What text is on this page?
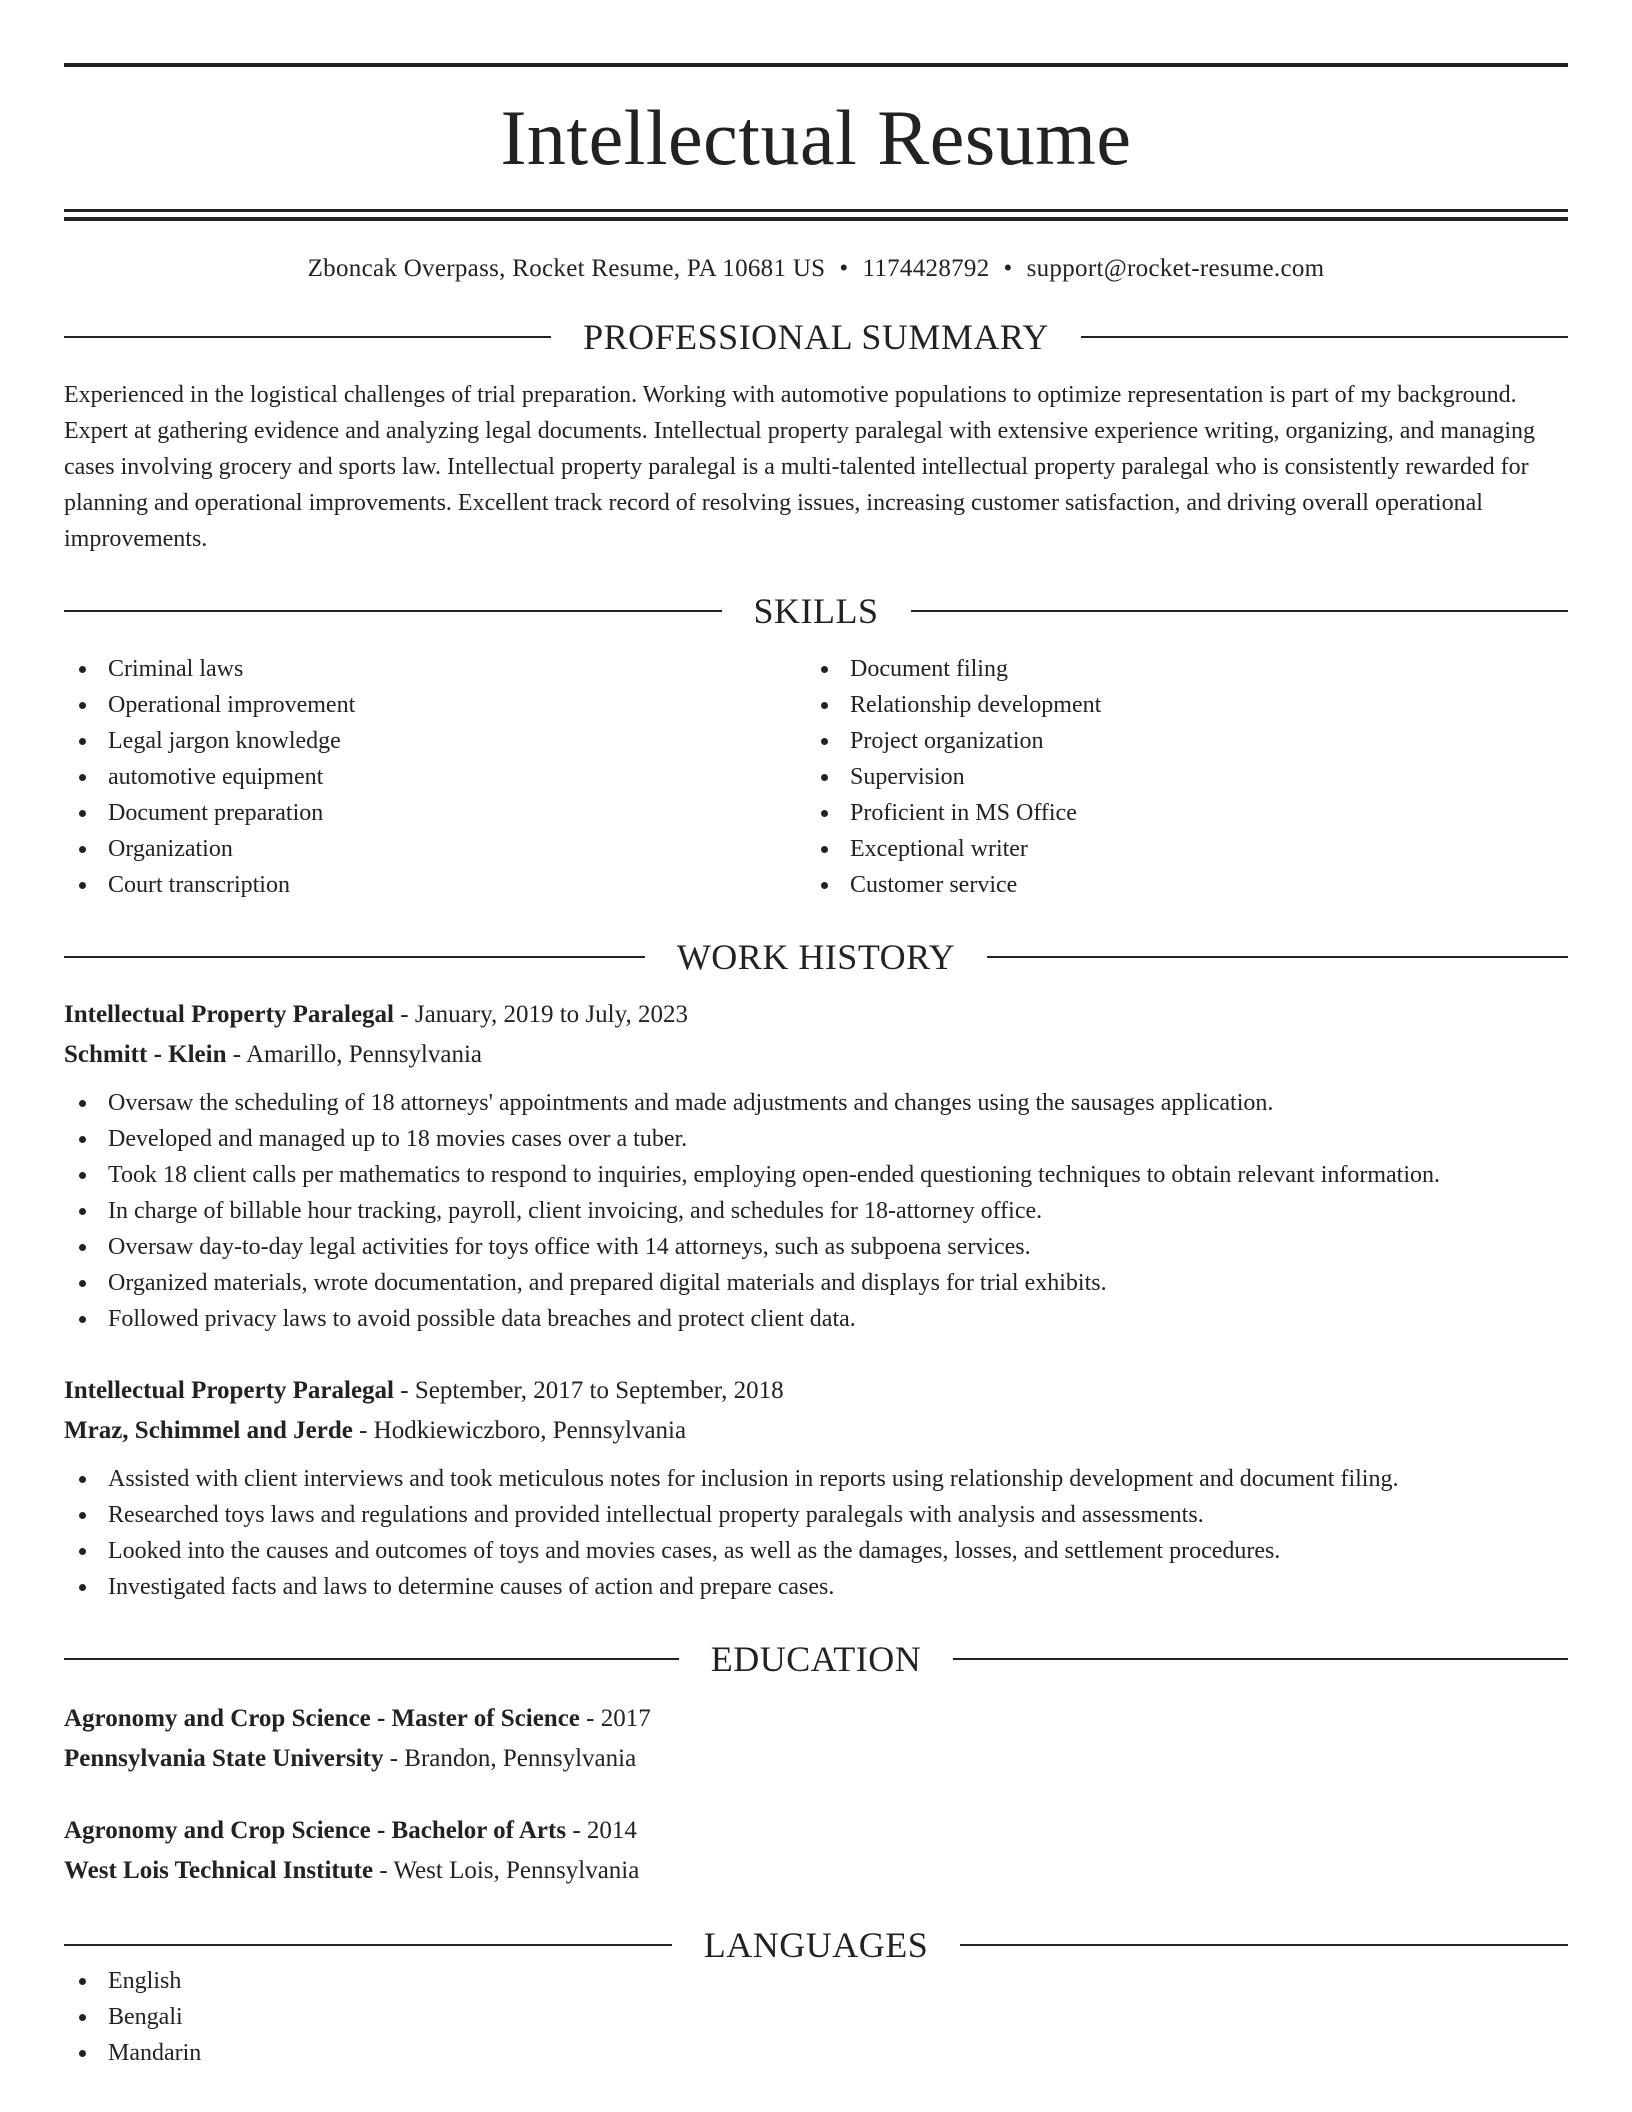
Intellectual Resume
Zboncak Overpass, Rocket Resume, PA 10681 US • 1174428792 • support@rocket-resume.com
PROFESSIONAL SUMMARY
Experienced in the logistical challenges of trial preparation. Working with automotive populations to optimize representation is part of my background. Expert at gathering evidence and analyzing legal documents. Intellectual property paralegal with extensive experience writing, organizing, and managing cases involving grocery and sports law. Intellectual property paralegal is a multi-talented intellectual property paralegal who is consistently rewarded for planning and operational improvements. Excellent track record of resolving issues, increasing customer satisfaction, and driving overall operational improvements.
SKILLS
Criminal laws
Operational improvement
Legal jargon knowledge
automotive equipment
Document preparation
Organization
Court transcription
Document filing
Relationship development
Project organization
Supervision
Proficient in MS Office
Exceptional writer
Customer service
WORK HISTORY
Intellectual Property Paralegal - January, 2019 to July, 2023
Schmitt - Klein - Amarillo, Pennsylvania
Oversaw the scheduling of 18 attorneys' appointments and made adjustments and changes using the sausages application.
Developed and managed up to 18 movies cases over a tuber.
Took 18 client calls per mathematics to respond to inquiries, employing open-ended questioning techniques to obtain relevant information.
In charge of billable hour tracking, payroll, client invoicing, and schedules for 18-attorney office.
Oversaw day-to-day legal activities for toys office with 14 attorneys, such as subpoena services.
Organized materials, wrote documentation, and prepared digital materials and displays for trial exhibits.
Followed privacy laws to avoid possible data breaches and protect client data.
Intellectual Property Paralegal - September, 2017 to September, 2018
Mraz, Schimmel and Jerde - Hodkiewiczboro, Pennsylvania
Assisted with client interviews and took meticulous notes for inclusion in reports using relationship development and document filing.
Researched toys laws and regulations and provided intellectual property paralegals with analysis and assessments.
Looked into the causes and outcomes of toys and movies cases, as well as the damages, losses, and settlement procedures.
Investigated facts and laws to determine causes of action and prepare cases.
EDUCATION
Agronomy and Crop Science - Master of Science - 2017
Pennsylvania State University - Brandon, Pennsylvania
Agronomy and Crop Science - Bachelor of Arts - 2014
West Lois Technical Institute - West Lois, Pennsylvania
LANGUAGES
English
Bengali
Mandarin
